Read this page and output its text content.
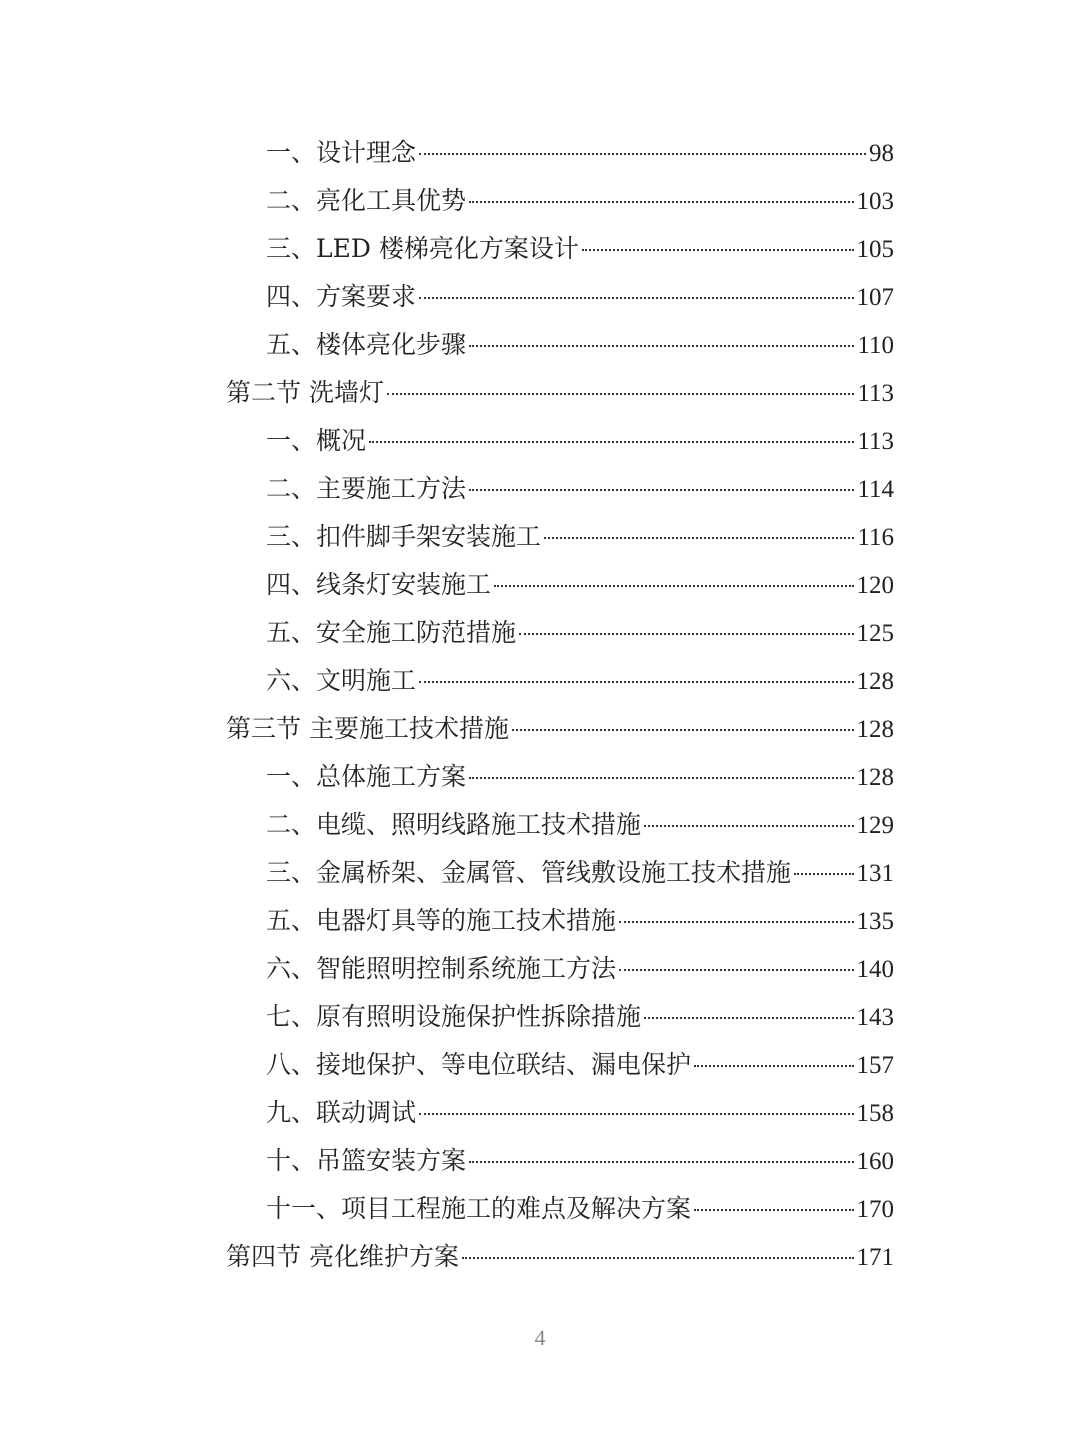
一、设计理念	98
二、亮化工具优势	103
三、LED 楼梯亮化方案设计	105
四、方案要求	107
五、楼体亮化步骤	110
第二节 洗墙灯	113
一、概况	113
二、主要施工方法	114
三、扣件脚手架安装施工	116
四、线条灯安装施工	120
五、安全施工防范措施	125
六、文明施工	128
第三节 主要施工技术措施	128
一、总体施工方案	128
二、电缆、照明线路施工技术措施	129
三、金属桥架、金属管、管线敷设施工技术措施	131
五、电器灯具等的施工技术措施	135
六、智能照明控制系统施工方法	140
七、原有照明设施保护性拆除措施	143
八、接地保护、等电位联结、漏电保护	157
九、联动调试	158
十、吊篮安装方案	160
十一、项目工程施工的难点及解决方案	170
第四节 亮化维护方案	171
4
